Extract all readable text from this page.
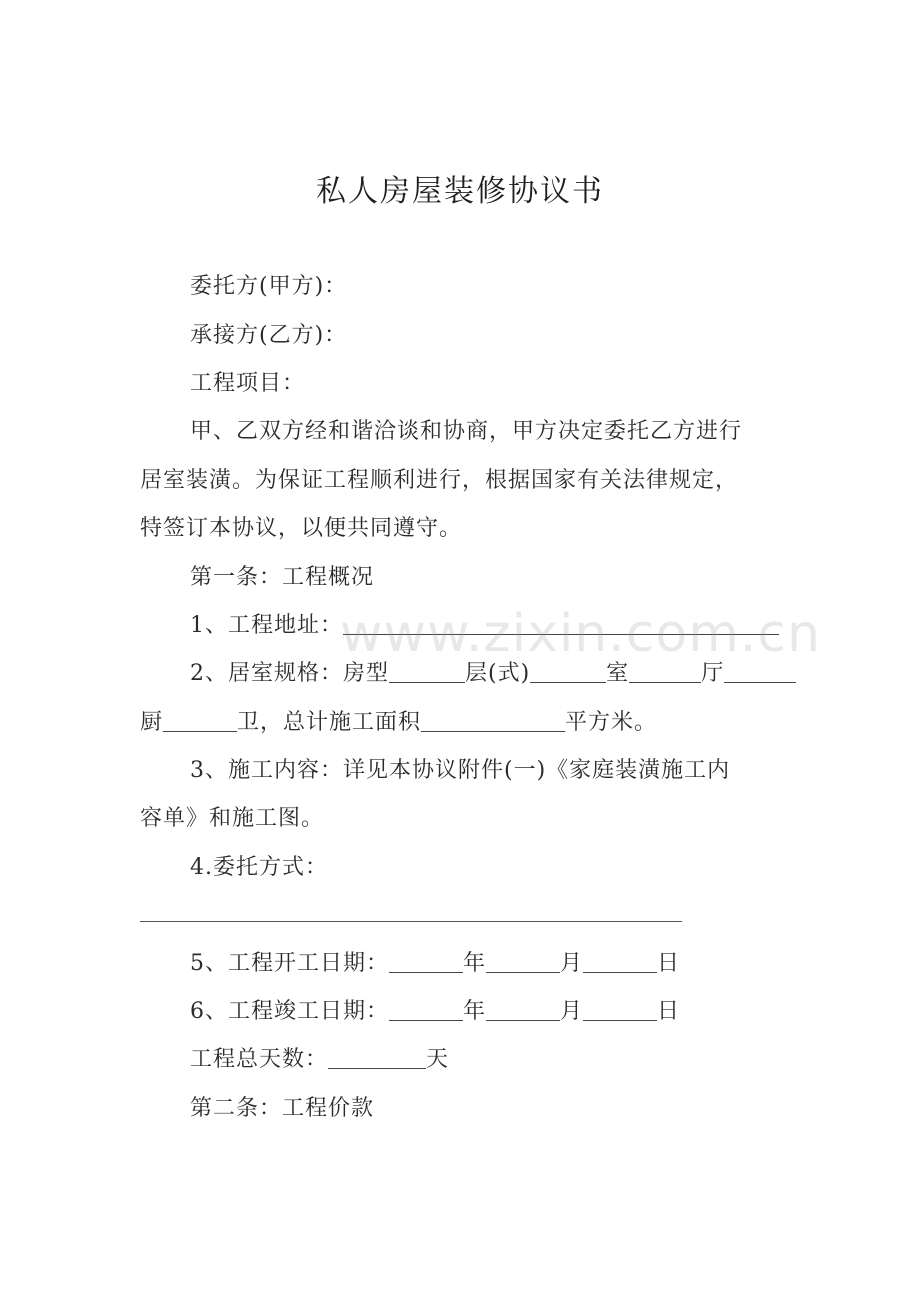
私人房屋装修协议书
委托方(甲方)：
承接方(乙方)：
工程项目：
甲、乙双方经和谐洽谈和协商，甲方决定委托乙方进行
居室装潢。为保证工程顺利进行，根据国家有关法律规定，
特签订本协议，以便共同遵守。
第一条：工程概况
1、工程地址：
www.zixin.com.cn
2、居室规格：房型	层(式)	室	厅
厨	卫，总计施工面积	平方米。
3、施工内容：详见本协议附件(一)《家庭装潢施工内
容单》和施工图。
4.委托方式：
5、工程开工日期：	年	月	日
6、工程竣工日期：	年	月	日
工程总天数：	天
第二条：工程价款
